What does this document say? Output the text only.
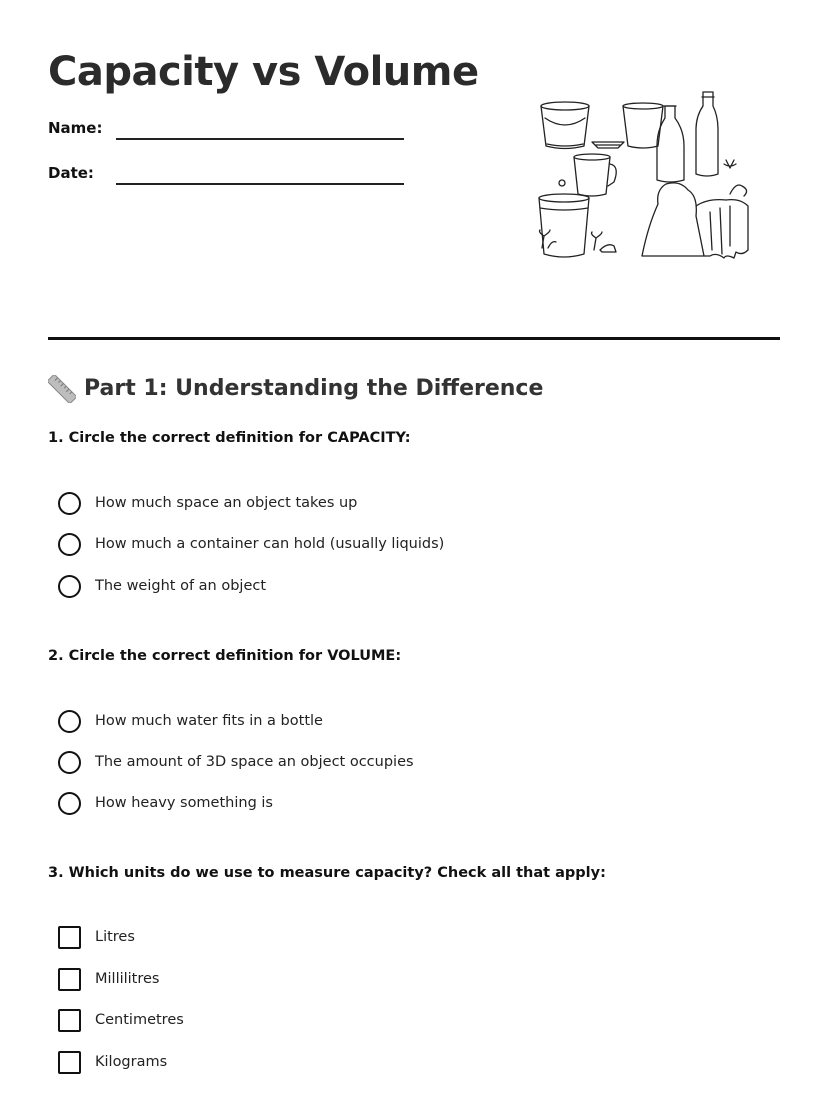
Capacity vs Volume
Name:
Date:
Part 1: Understanding the Difference

1. Circle the correct definition for CAPACITY:

How much space an object takes up
How much a container can hold (usually liquids)
The weight of an object

2. Circle the correct definition for VOLUME:

How much water fits in a bottle
The amount of 3D space an object occupies
How heavy something is

3. Which units do we use to measure capacity? Check all that apply:

Litres
Millilitres
Centimetres
Kilograms
